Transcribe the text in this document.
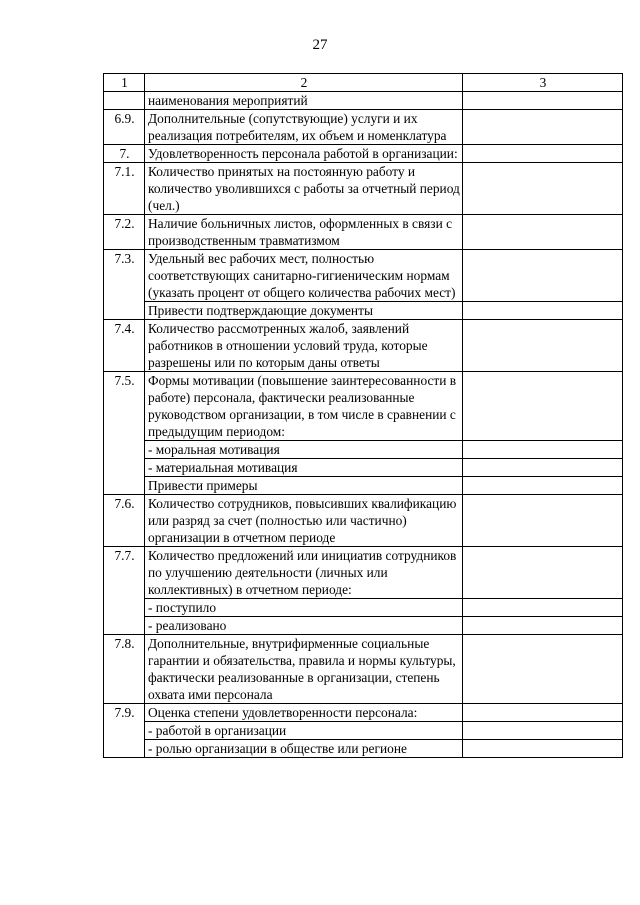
27
1	2	3
	наименования мероприятий	
6.9.	Дополнительные (сопутствующие) услуги и их реализация потребителям, их объем и номенклатура	
7.	Удовлетворенность персонала работой в организации:	
7.1.	Количество принятых на постоянную работу и количество уволившихся с работы за отчетный период (чел.)	
7.2.	Наличие больничных листов, оформленных в связи с производственным травматизмом	
7.3.	Удельный вес рабочих мест, полностью соответствующих санитарно-гигиеническим нормам (указать процент от общего количества рабочих мест)	
	Привести подтверждающие документы	
7.4.	Количество рассмотренных жалоб, заявлений работников в отношении условий труда, которые разрешены или по которым даны ответы	
7.5.	Формы мотивации (повышение заинтересованности в работе) персонала, фактически реализованные руководством организации, в том числе в сравнении с предыдущим периодом:	
	- моральная мотивация	
	- материальная мотивация	
	Привести примеры	
7.6.	Количество сотрудников, повысивших квалификацию или разряд за счет (полностью или частично) организации в отчетном периоде	
7.7.	Количество предложений или инициатив сотрудников по улучшению деятельности (личных или коллективных) в отчетном периоде:	
	- поступило	
	- реализовано	
7.8.	Дополнительные, внутрифирменные социальные гарантии и обязательства, правила и нормы культуры, фактически реализованные в организации, степень охвата ими персонала	
7.9.	Оценка степени удовлетворенности персонала:	
	- работой в организации	
	- ролью организации в обществе или регионе	
